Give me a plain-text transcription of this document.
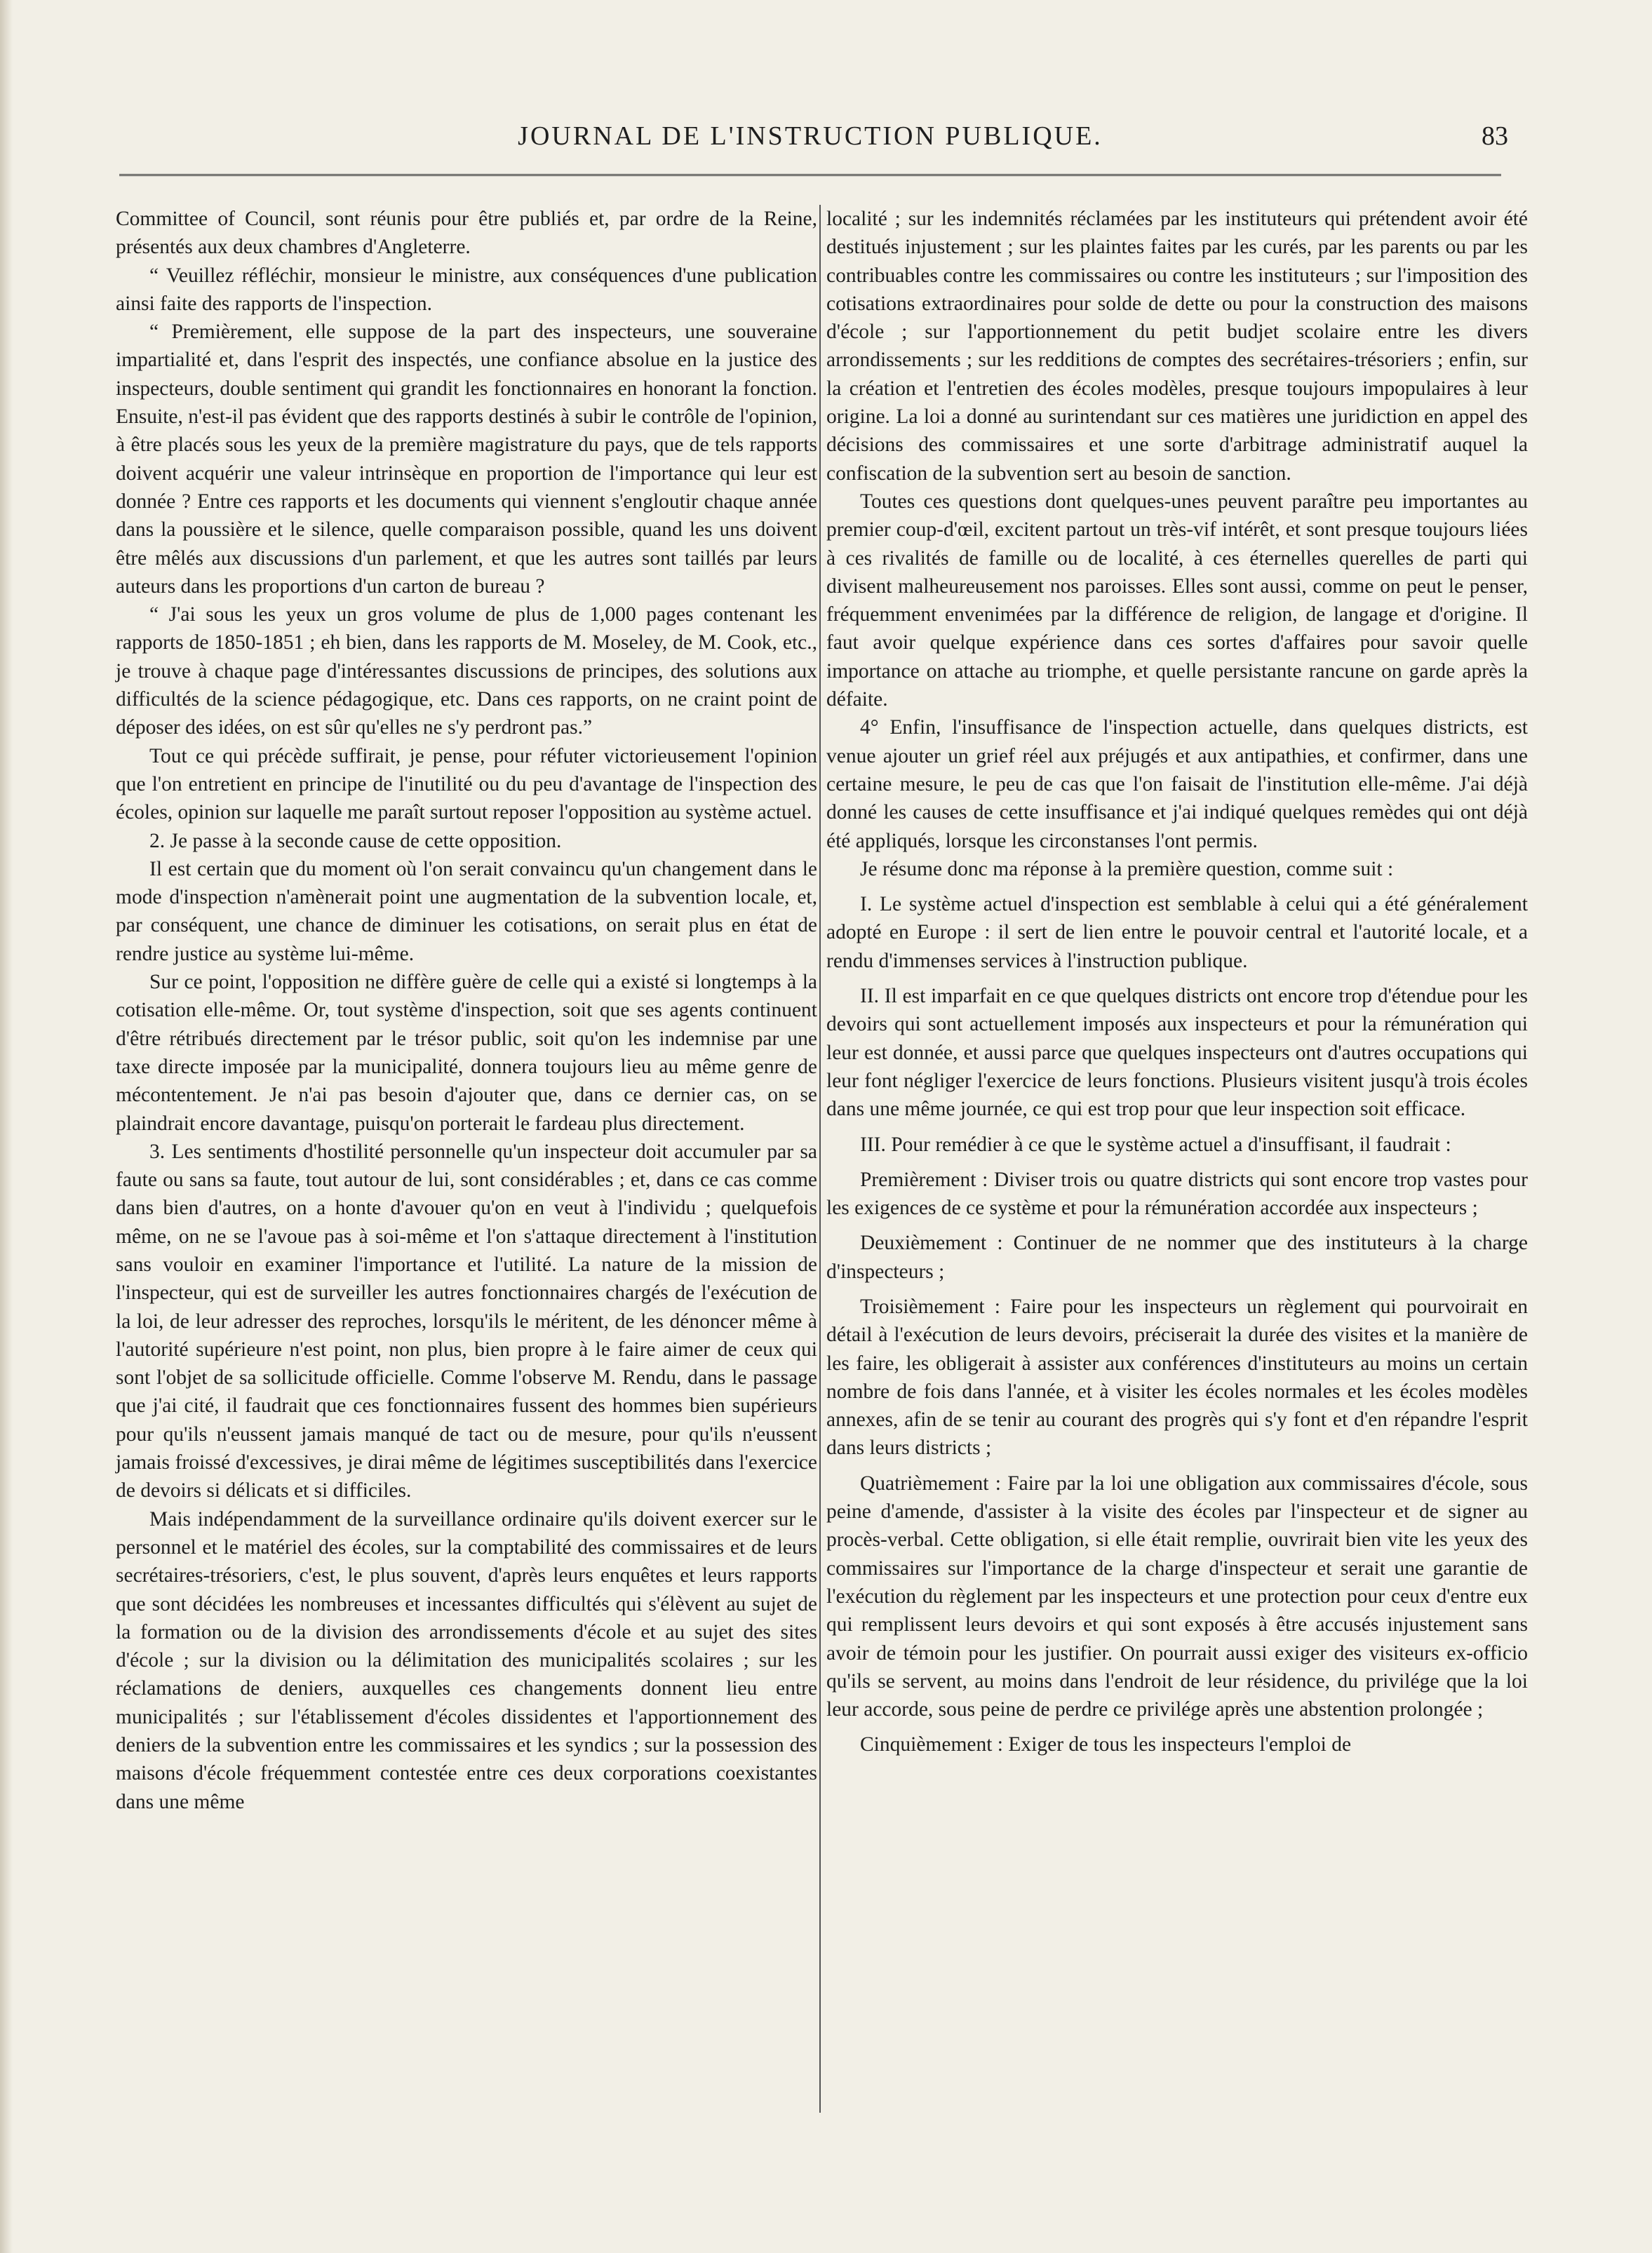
JOURNAL DE L'INSTRUCTION PUBLIQUE.	83

Committee of Council, sont réunis pour être publiés et, par ordre de la Reine, présentés aux deux chambres d'Angleterre.

“ Veuillez réfléchir, monsieur le ministre, aux conséquences d'une publication ainsi faite des rapports de l'inspection.

“ Premièrement, elle suppose de la part des inspecteurs, une souveraine impartialité et, dans l'esprit des inspectés, une confiance absolue en la justice des inspecteurs, double sentiment qui grandit les fonctionnaires en honorant la fonction. Ensuite, n'est-il pas évident que des rapports destinés à subir le contrôle de l'opinion, à être placés sous les yeux de la première magistrature du pays, que de tels rapports doivent acquérir une valeur intrinsèque en proportion de l'importance qui leur est donnée ? Entre ces rapports et les documents qui viennent s'engloutir chaque année dans la poussière et le silence, quelle comparaison possible, quand les uns doivent être mêlés aux discussions d'un parlement, et que les autres sont taillés par leurs auteurs dans les proportions d'un carton de bureau ?

“ J'ai sous les yeux un gros volume de plus de 1,000 pages contenant les rapports de 1850-1851 ; eh bien, dans les rapports de M. Moseley, de M. Cook, etc., je trouve à chaque page d'intéressantes discussions de principes, des solutions aux difficultés de la science pédagogique, etc. Dans ces rapports, on ne craint point de déposer des idées, on est sûr qu'elles ne s'y perdront pas.”

Tout ce qui précède suffirait, je pense, pour réfuter victorieusement l'opinion que l'on entretient en principe de l'inutilité ou du peu d'avantage de l'inspection des écoles, opinion sur laquelle me paraît surtout reposer l'opposition au système actuel.

2. Je passe à la seconde cause de cette opposition.

Il est certain que du moment où l'on serait convaincu qu'un changement dans le mode d'inspection n'amènerait point une augmentation de la subvention locale, et, par conséquent, une chance de diminuer les cotisations, on serait plus en état de rendre justice au système lui-même.

Sur ce point, l'opposition ne diffère guère de celle qui a existé si longtemps à la cotisation elle-même. Or, tout système d'inspection, soit que ses agents continuent d'être rétribués directement par le trésor public, soit qu'on les indemnise par une taxe directe imposée par la municipalité, donnera toujours lieu au même genre de mécontentement. Je n'ai pas besoin d'ajouter que, dans ce dernier cas, on se plaindrait encore davantage, puisqu'on porterait le fardeau plus directement.

3. Les sentiments d'hostilité personnelle qu'un inspecteur doit accumuler par sa faute ou sans sa faute, tout autour de lui, sont considérables ; et, dans ce cas comme dans bien d'autres, on a honte d'avouer qu'on en veut à l'individu ; quelquefois même, on ne se l'avoue pas à soi-même et l'on s'attaque directement à l'institution sans vouloir en examiner l'importance et l'utilité. La nature de la mission de l'inspecteur, qui est de surveiller les autres fonctionnaires chargés de l'exécution de la loi, de leur adresser des reproches, lorsqu'ils le méritent, de les dénoncer même à l'autorité supérieure n'est point, non plus, bien propre à le faire aimer de ceux qui sont l'objet de sa sollicitude officielle. Comme l'observe M. Rendu, dans le passage que j'ai cité, il faudrait que ces fonctionnaires fussent des hommes bien supérieurs pour qu'ils n'eussent jamais manqué de tact ou de mesure, pour qu'ils n'eussent jamais froissé d'excessives, je dirai même de légitimes susceptibilités dans l'exercice de devoirs si délicats et si difficiles.

Mais indépendamment de la surveillance ordinaire qu'ils doivent exercer sur le personnel et le matériel des écoles, sur la comptabilité des commissaires et de leurs secrétaires-trésoriers, c'est, le plus souvent, d'après leurs enquêtes et leurs rapports que sont décidées les nombreuses et incessantes difficultés qui s'élèvent au sujet de la formation ou de la division des arrondissements d'école et au sujet des sites d'école ; sur la division ou la délimitation des municipalités scolaires ; sur les réclamations de deniers, auxquelles ces changements donnent lieu entre municipalités ; sur l'établissement d'écoles dissidentes et l'apportionnement des deniers de la subvention entre les commissaires et les syndics ; sur la possession des maisons d'école fréquemment contestée entre ces deux corporations coexistantes dans une même

localité ; sur les indemnités réclamées par les instituteurs qui prétendent avoir été destitués injustement ; sur les plaintes faites par les curés, par les parents ou par les contribuables contre les commissaires ou contre les instituteurs ; sur l'imposition des cotisations extraordinaires pour solde de dette ou pour la construction des maisons d'école ; sur l'apportionnement du petit budjet scolaire entre les divers arrondissements ; sur les redditions de comptes des secrétaires-trésoriers ; enfin, sur la création et l'entretien des écoles modèles, presque toujours impopulaires à leur origine. La loi a donné au surintendant sur ces matières une juridiction en appel des décisions des commissaires et une sorte d'arbitrage administratif auquel la confiscation de la subvention sert au besoin de sanction.

Toutes ces questions dont quelques-unes peuvent paraître peu importantes au premier coup-d'œil, excitent partout un très-vif intérêt, et sont presque toujours liées à ces rivalités de famille ou de localité, à ces éternelles querelles de parti qui divisent malheureusement nos paroisses. Elles sont aussi, comme on peut le penser, fréquemment envenimées par la différence de religion, de langage et d'origine. Il faut avoir quelque expérience dans ces sortes d'affaires pour savoir quelle importance on attache au triomphe, et quelle persistante rancune on garde après la défaite.

4° Enfin, l'insuffisance de l'inspection actuelle, dans quelques districts, est venue ajouter un grief réel aux préjugés et aux antipathies, et confirmer, dans une certaine mesure, le peu de cas que l'on faisait de l'institution elle-même. J'ai déjà donné les causes de cette insuffisance et j'ai indiqué quelques remèdes qui ont déjà été appliqués, lorsque les circonstanses l'ont permis.

Je résume donc ma réponse à la première question, comme suit :

I. Le système actuel d'inspection est semblable à celui qui a été généralement adopté en Europe : il sert de lien entre le pouvoir central et l'autorité locale, et a rendu d'immenses services à l'instruction publique.

II. Il est imparfait en ce que quelques districts ont encore trop d'étendue pour les devoirs qui sont actuellement imposés aux inspecteurs et pour la rémunération qui leur est donnée, et aussi parce que quelques inspecteurs ont d'autres occupations qui leur font négliger l'exercice de leurs fonctions. Plusieurs visitent jusqu'à trois écoles dans une même journée, ce qui est trop pour que leur inspection soit efficace.

III. Pour remédier à ce que le système actuel a d'insuffisant, il faudrait :

Premièrement : Diviser trois ou quatre districts qui sont encore trop vastes pour les exigences de ce système et pour la rémunération accordée aux inspecteurs ;

Deuxièmement : Continuer de ne nommer que des instituteurs à la charge d'inspecteurs ;

Troisièmement : Faire pour les inspecteurs un règlement qui pourvoirait en détail à l'exécution de leurs devoirs, préciserait la durée des visites et la manière de les faire, les obligerait à assister aux conférences d'instituteurs au moins un certain nombre de fois dans l'année, et à visiter les écoles normales et les écoles modèles annexes, afin de se tenir au courant des progrès qui s'y font et d'en répandre l'esprit dans leurs districts ;

Quatrièmement : Faire par la loi une obligation aux commissaires d'école, sous peine d'amende, d'assister à la visite des écoles par l'inspecteur et de signer au procès-verbal. Cette obligation, si elle était remplie, ouvrirait bien vite les yeux des commissaires sur l'importance de la charge d'inspecteur et serait une garantie de l'exécution du règlement par les inspecteurs et une protection pour ceux d'entre eux qui remplissent leurs devoirs et qui sont exposés à être accusés injustement sans avoir de témoin pour les justifier. On pourrait aussi exiger des visiteurs ex-officio qu'ils se servent, au moins dans l'endroit de leur résidence, du privilége que la loi leur accorde, sous peine de perdre ce privilége après une abstention prolongée ;

Cinquièmement : Exiger de tous les inspecteurs l'emploi de
